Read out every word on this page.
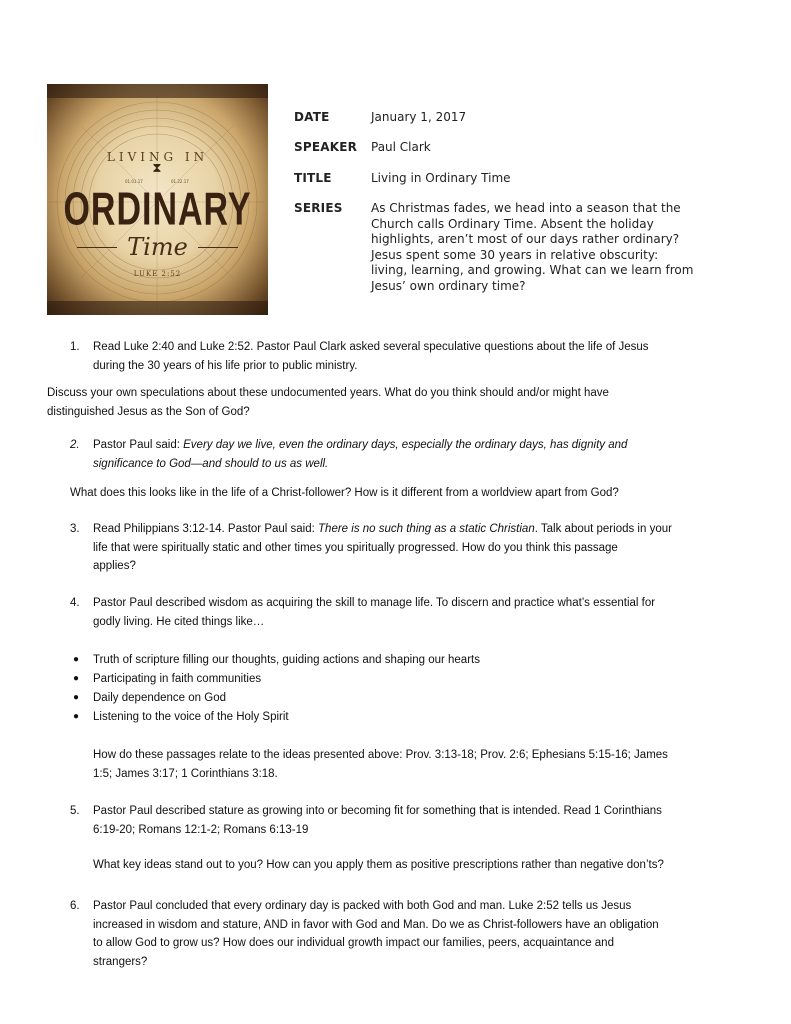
LIVING IN
⧗
01.01.17	01.22.17
ORDINARY
Time
LUKE 2:52
DATE	January 1, 2017
SPEAKER Paul Clark
TITLE	Living in Ordinary Time
SERIES As Christmas fades, we head into a season that the
Church calls Ordinary Time. Absent the holiday
highlights, aren’t most of our days rather ordinary?
Jesus spent some 30 years in relative obscurity:
living, learning, and growing. What can we learn from
Jesus’ own ordinary time?
1. Read Luke 2:40 and Luke 2:52. Pastor Paul Clark asked several speculative questions about the life of Jesus
during the 30 years of his life prior to public ministry.
Discuss your own speculations about these undocumented years. What do you think should and/or might have
distinguished Jesus as the Son of God?
2. Pastor Paul said: Every day we live, even the ordinary days, especially the ordinary days, has dignity and
significance to God—and should to us as well.
What does this looks like in the life of a Christ-follower? How is it different from a worldview apart from God?
3. Read Philippians 3:12-14. Pastor Paul said: There is no such thing as a static Christian. Talk about periods in your
life that were spiritually static and other times you spiritually progressed. How do you think this passage
applies?
4. Pastor Paul described wisdom as acquiring the skill to manage life. To discern and practice what’s essential for
godly living. He cited things like…
● Truth of scripture filling our thoughts, guiding actions and shaping our hearts
● Participating in faith communities
● Daily dependence on God
● Listening to the voice of the Holy Spirit
How do these passages relate to the ideas presented above: Prov. 3:13-18; Prov. 2:6; Ephesians 5:15-16; James
1:5; James 3:17; 1 Corinthians 3:18.
5. Pastor Paul described stature as growing into or becoming fit for something that is intended. Read 1 Corinthians
6:19-20; Romans 12:1-2; Romans 6:13-19
What key ideas stand out to you? How can you apply them as positive prescriptions rather than negative don’ts?
6. Pastor Paul concluded that every ordinary day is packed with both God and man. Luke 2:52 tells us Jesus
increased in wisdom and stature, AND in favor with God and Man. Do we as Christ-followers have an obligation
to allow God to grow us? How does our individual growth impact our families, peers, acquaintance and
strangers?
